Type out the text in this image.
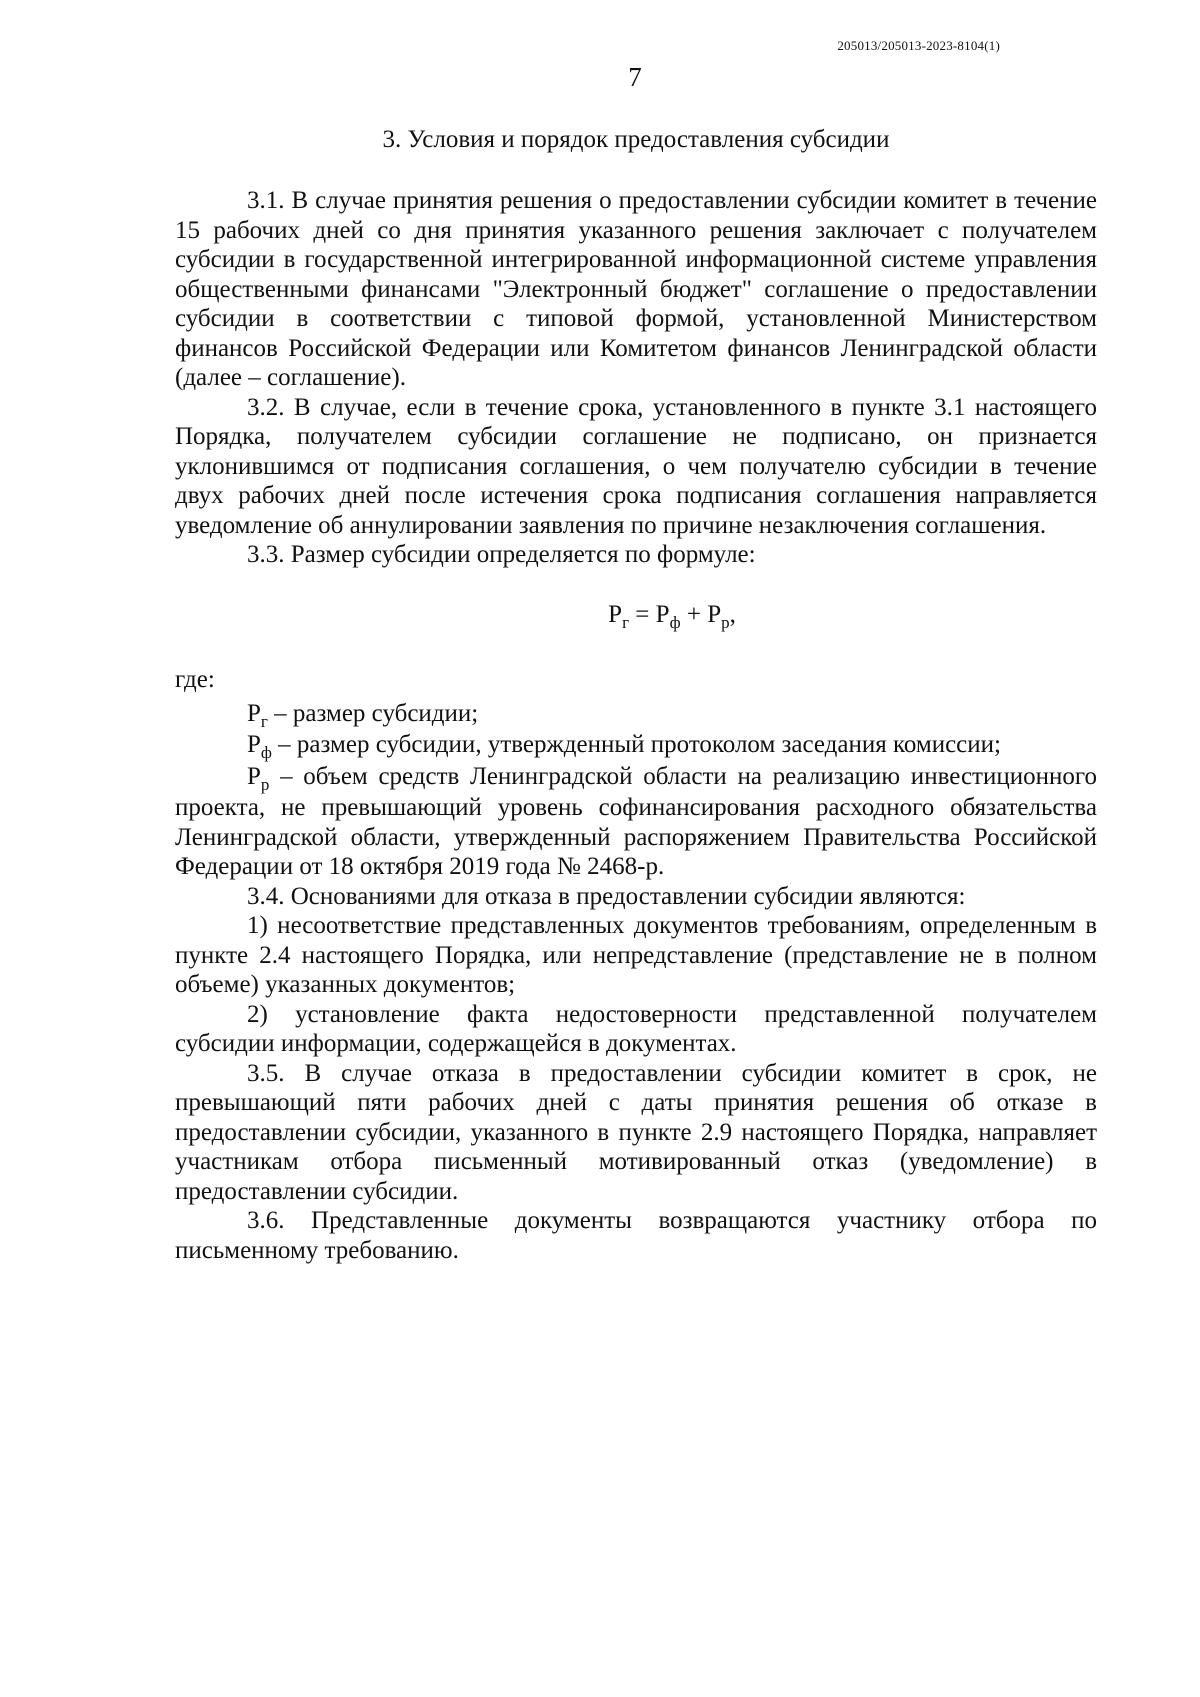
205013/205013-2023-8104(1)
7
3. Условия и порядок предоставления субсидии

3.1. В случае принятия решения о предоставлении субсидии комитет в течение 15 рабочих дней со дня принятия указанного решения заключает с получателем субсидии в государственной интегрированной информационной системе управления общественными финансами "Электронный бюджет" соглашение о предоставлении субсидии в соответствии с типовой формой, установленной Министерством финансов Российской Федерации или Комитетом финансов Ленинградской области (далее – соглашение).

3.2. В случае, если в течение срока, установленного в пункте 3.1 настоящего Порядка, получателем субсидии соглашение не подписано, он признается уклонившимся от подписания соглашения, о чем получателю субсидии в течение двух рабочих дней после истечения срока подписания соглашения направляется уведомление об аннулировании заявления по причине незаключения соглашения.

3.3. Размер субсидии определяется по формуле:

$Р_г = Р_ф + Р_р$,

где:

$Р_г$ – размер субсидии;

$Р_ф$ – размер субсидии, утвержденный протоколом заседания комиссии;

$Р_р$ – объем средств Ленинградской области на реализацию инвестиционного проекта, не превышающий уровень софинансирования расходного обязательства Ленинградской области, утвержденный распоряжением Правительства Российской Федерации от 18 октября 2019 года № 2468-р.

3.4. Основаниями для отказа в предоставлении субсидии являются:

1) несоответствие представленных документов требованиям, определенным в пункте 2.4 настоящего Порядка, или непредставление (представление не в полном объеме) указанных документов;

2) установление факта недостоверности представленной получателем субсидии информации, содержащейся в документах.

3.5. В случае отказа в предоставлении субсидии комитет в срок, не превышающий пяти рабочих дней с даты принятия решения об отказе в предоставлении субсидии, указанного в пункте 2.9 настоящего Порядка, направляет участникам отбора письменный мотивированный отказ (уведомление) в предоставлении субсидии.

3.6. Представленные документы возвращаются участнику отбора по письменному требованию.
